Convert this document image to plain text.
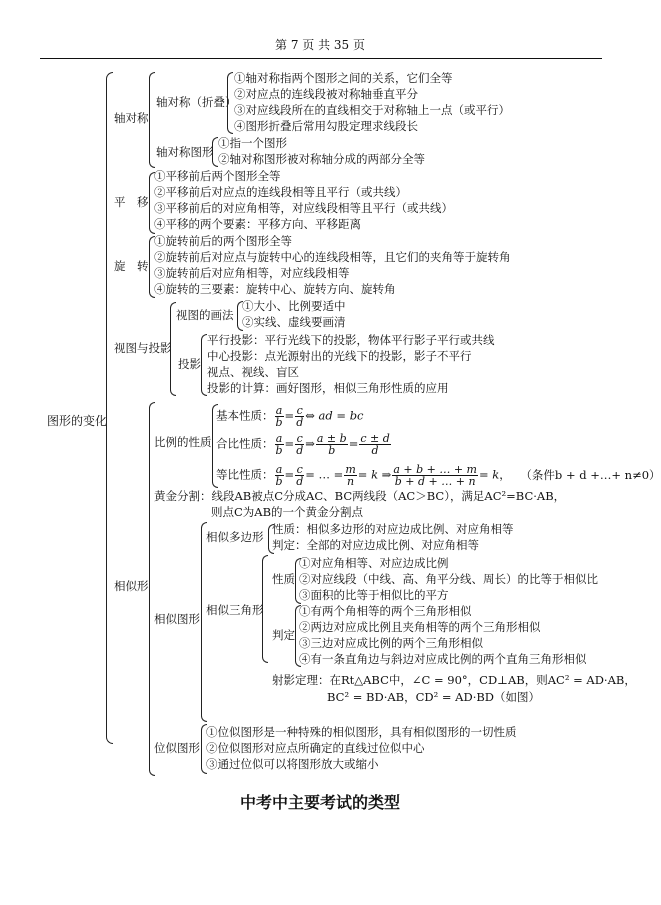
第 7 页 共 35 页
图形的变化
轴对称
轴对称（折叠）
①轴对称指两个图形之间的关系，它们全等
②对应点的连线段被对称轴垂直平分
③对应线段所在的直线相交于对称轴上一点（或平行）
④图形折叠后常用勾股定理求线段长
轴对称图形
①指一个图形
②轴对称图形被对称轴分成的两部分全等
平　移
①平移前后两个图形全等
②平移前后对应点的连线段相等且平行（或共线）
③平移前后的对应角相等，对应线段相等且平行（或共线）
④平移的两个要素：平移方向、平移距离
旋　转
①旋转前后的两个图形全等
②旋转前后对应点与旋转中心的连线段相等，且它们的夹角等于旋转角
③旋转前后对应角相等，对应线段相等
④旋转的三要素：旋转中心、旋转方向、旋转角
视图与投影
视图的画法
①大小、比例要适中
②实线、虚线要画清
投影
平行投影：平行光线下的投影，物体平行影子平行或共线
中心投影：点光源射出的光线下的投影，影子不平行
视点、视线、盲区
投影的计算：画好图形，相似三角形性质的应用
相似形
比例的性质
基本性质： $\frac{a}{b} = \frac{c}{d}$ ⇔ ad = bc
合比性质： $\frac{a}{b} = \frac{c}{d}$ ⇒ $\frac{a \pm b}{b} = \frac{c \pm d}{d}$
等比性质： $\frac{a}{b} = \frac{c}{d}$ = … = $\frac{m}{n} = k$ ⇒ $\frac{a + b + \dots + m}{b + d + \dots + n} = k$， （条件b + d +…+ n≠0）
黄金分割：线段AB被点C分成AC、BC两线段（AC＞BC），满足AC²=BC·AB，
则点C为AB的一个黄金分割点
相似图形
相似多边形
性质：相似多边形的对应边成比例、对应角相等
判定：全部的对应边成比例、对应角相等
相似三角形
性质
①对应角相等、对应边成比例
②对应线段（中线、高、角平分线、周长）的比等于相似比
③面积的比等于相似比的平方
判定
①有两个角相等的两个三角形相似
②两边对应成比例且夹角相等的两个三角形相似
③三边对应成比例的两个三角形相似
④有一条直角边与斜边对应成比例的两个直角三角形相似
射影定理：在Rt△ABC中，∠C = 90°，CD⊥AB，则AC² = AD·AB，
BC² = BD·AB，CD² = AD·BD（如图）
位似图形
①位似图形是一种特殊的相似图形，具有相似图形的一切性质
②位似图形对应点所确定的直线过位似中心
③通过位似可以将图形放大或缩小
中考中主要考试的类型
